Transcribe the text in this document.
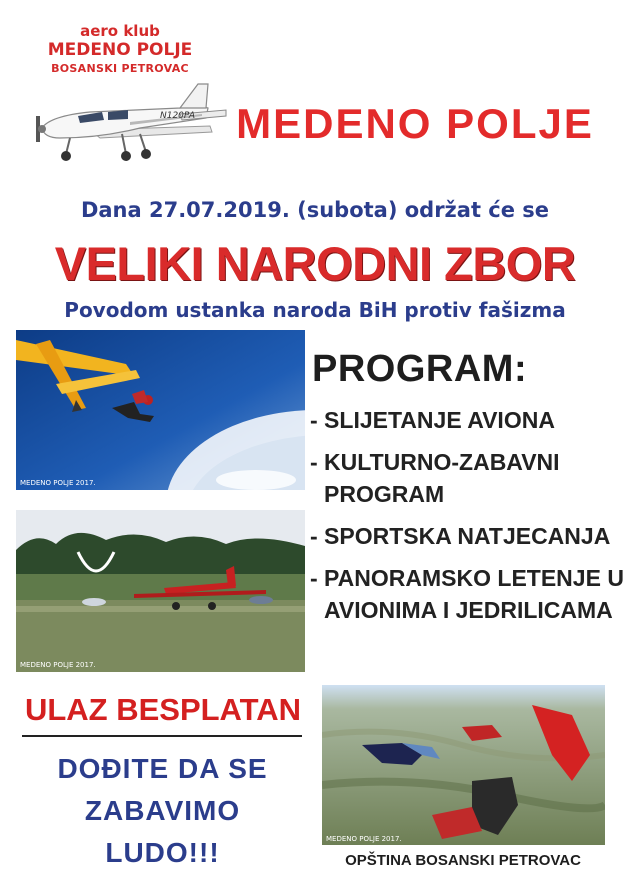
aero klub
MEDENO POLJE
BOSANSKI PETROVAC
N120PA MEDENO POLJE
Dana 27.07.2019. (subota) održat će se
VELIKI NARODNI ZBOR
Povodom ustanka naroda BiH protiv fašizma
MEDENO POLJE 2017.
MEDENO POLJE 2017.
PROGRAM:
- SLIJETANJE AVIONA
- KULTURNO-ZABAVNI
PROGRAM
- SPORTSKA NATJECANJA
- PANORAMSKO LETENJE U
AVIONIMA I JEDRILICAMA
ULAZ BESPLATAN
DOĐITE DA SE
ZABAVIMO
LUDO!!!	MEDENO POLJE 2017.
OPŠTINA BOSANSKI PETROVAC
